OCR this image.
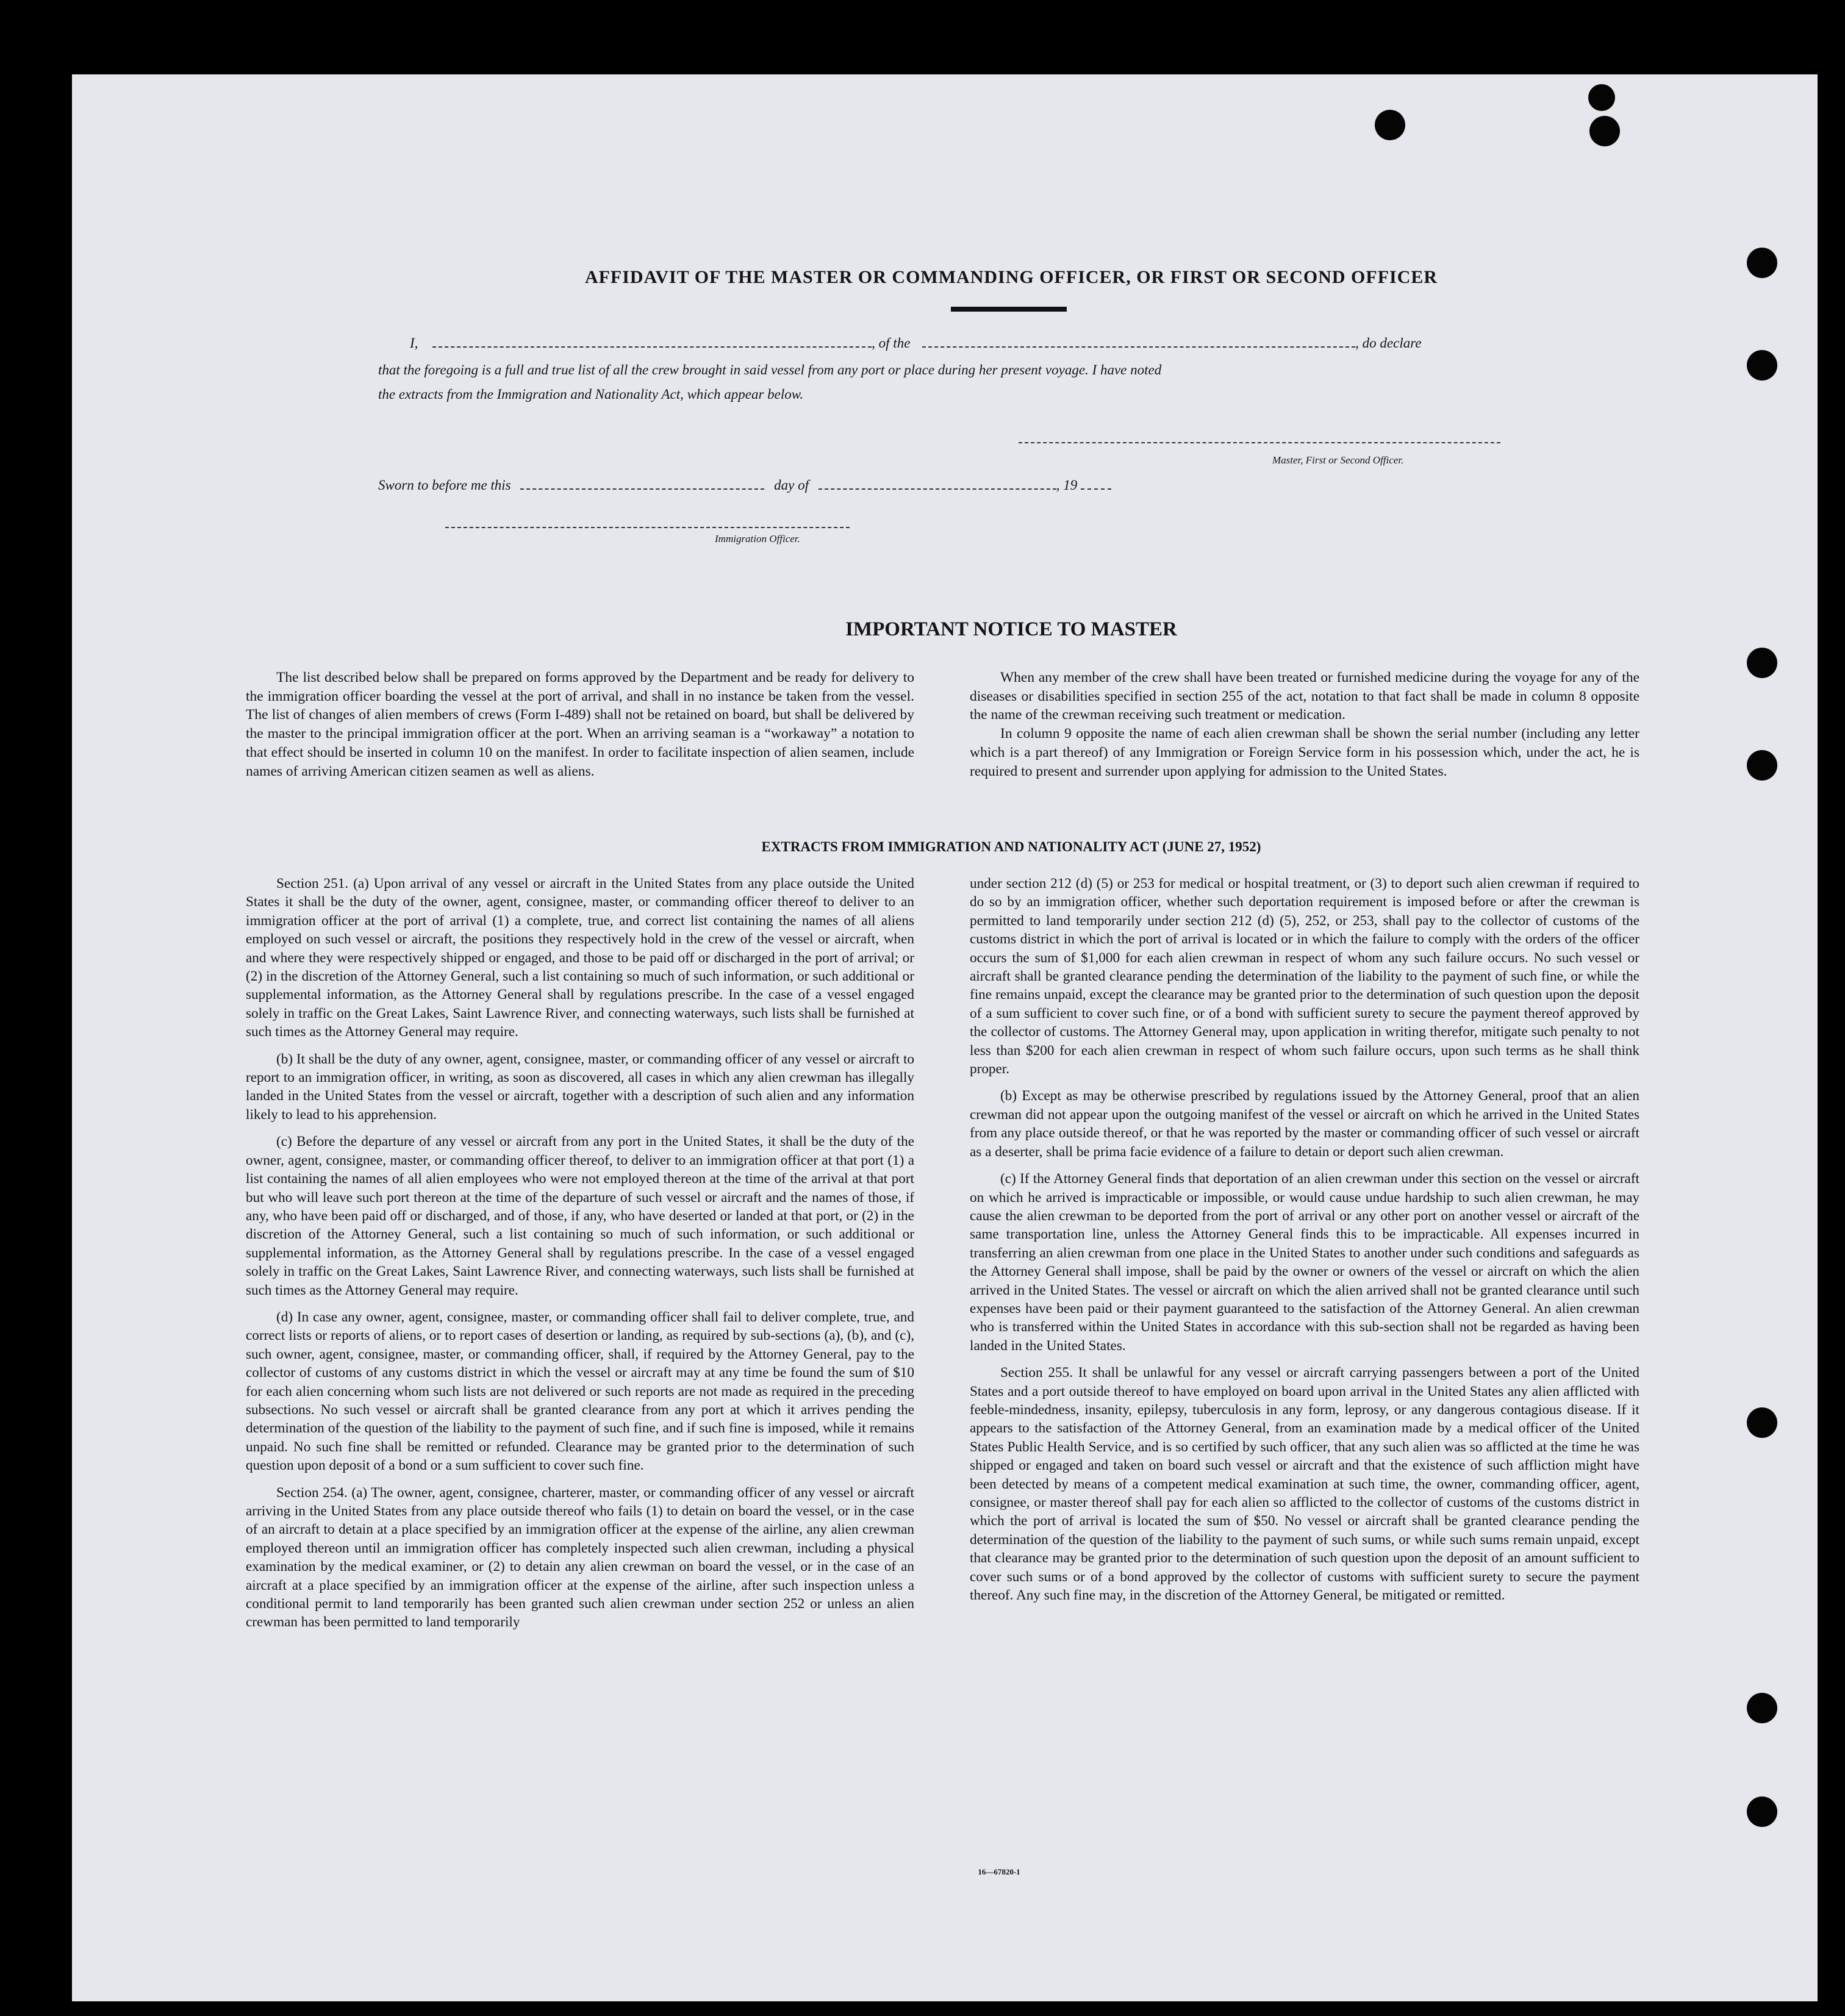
AFFIDAVIT OF THE MASTER OR COMMANDING OFFICER, OR FIRST OR SECOND OFFICER
I,	, of the	, do declare
that the foregoing is a full and true list of all the crew brought in said vessel from any port or place during her present voyage. I have noted
the extracts from the Immigration and Nationality Act, which appear below.
Master, First or Second Officer.
Sworn to before me this	day of	, 19
Immigration Officer.
IMPORTANT NOTICE TO MASTER
The list described below shall be prepared on forms approved by the Department and be ready for delivery to the immigration officer boarding the vessel at the port of arrival, and shall in no instance be taken from the vessel. The list of changes of alien members of crews (Form I-489) shall not be retained on board, but shall be delivered by the master to the principal immigration officer at the port. When an arriving seaman is a “workaway” a notation to that effect should be inserted in column 10 on the manifest. In order to facilitate inspection of alien seamen, include names of arriving American citizen seamen as well as aliens.
When any member of the crew shall have been treated or furnished medicine during the voyage for any of the diseases or disabilities specified in section 255 of the act, notation to that fact shall be made in column 8 opposite the name of the crewman receiving such treatment or medication.
In column 9 opposite the name of each alien crewman shall be shown the serial number (including any letter which is a part thereof) of any Immigration or Foreign Service form in his possession which, under the act, he is required to present and surrender upon applying for admission to the United States.
EXTRACTS FROM IMMIGRATION AND NATIONALITY ACT (JUNE 27, 1952)

Section 251. (a) Upon arrival of any vessel or aircraft in the United States from any place outside the United States it shall be the duty of the owner, agent, consignee, master, or commanding officer thereof to deliver to an immigration officer at the port of arrival (1) a complete, true, and correct list containing the names of all aliens employed on such vessel or aircraft, the positions they respectively hold in the crew of the vessel or aircraft, when and where they were respectively shipped or engaged, and those to be paid off or discharged in the port of arrival; or (2) in the discretion of the Attorney General, such a list containing so much of such information, or such additional or supplemental information, as the Attorney General shall by regulations prescribe. In the case of a vessel engaged solely in traffic on the Great Lakes, Saint Lawrence River, and connecting waterways, such lists shall be furnished at such times as the Attorney General may require.

(b) It shall be the duty of any owner, agent, consignee, master, or commanding officer of any vessel or aircraft to report to an immigration officer, in writing, as soon as discovered, all cases in which any alien crewman has illegally landed in the United States from the vessel or aircraft, together with a description of such alien and any information likely to lead to his apprehension.

(c) Before the departure of any vessel or aircraft from any port in the United States, it shall be the duty of the owner, agent, consignee, master, or commanding officer thereof, to deliver to an immigration officer at that port (1) a list containing the names of all alien employees who were not employed thereon at the time of the arrival at that port but who will leave such port thereon at the time of the departure of such vessel or aircraft and the names of those, if any, who have been paid off or discharged, and of those, if any, who have deserted or landed at that port, or (2) in the discretion of the Attorney General, such a list containing so much of such information, or such additional or supplemental information, as the Attorney General shall by regulations prescribe. In the case of a vessel engaged solely in traffic on the Great Lakes, Saint Lawrence River, and connecting waterways, such lists shall be furnished at such times as the Attorney General may require.

(d) In case any owner, agent, consignee, master, or commanding officer shall fail to deliver complete, true, and correct lists or reports of aliens, or to report cases of desertion or landing, as required by sub-sections (a), (b), and (c), such owner, agent, consignee, master, or commanding officer, shall, if required by the Attorney General, pay to the collector of customs of any customs district in which the vessel or aircraft may at any time be found the sum of $10 for each alien concerning whom such lists are not delivered or such reports are not made as required in the preceding subsections. No such vessel or aircraft shall be granted clearance from any port at which it arrives pending the determination of the question of the liability to the payment of such fine, and if such fine is imposed, while it remains unpaid. No such fine shall be remitted or refunded. Clearance may be granted prior to the determination of such question upon deposit of a bond or a sum sufficient to cover such fine.

Section 254. (a) The owner, agent, consignee, charterer, master, or commanding officer of any vessel or aircraft arriving in the United States from any place outside thereof who fails (1) to detain on board the vessel, or in the case of an aircraft to detain at a place specified by an immigration officer at the expense of the airline, any alien crewman employed thereon until an immigration officer has completely inspected such alien crewman, including a physical examination by the medical examiner, or (2) to detain any alien crewman on board the vessel, or in the case of an aircraft at a place specified by an immigration officer at the expense of the airline, after such inspection unless a conditional permit to land temporarily has been granted such alien crewman under section 252 or unless an alien crewman has been permitted to land temporarily

under section 212 (d) (5) or 253 for medical or hospital treatment, or (3) to deport such alien crewman if required to do so by an immigration officer, whether such deportation requirement is imposed before or after the crewman is permitted to land temporarily under section 212 (d) (5), 252, or 253, shall pay to the collector of customs of the customs district in which the port of arrival is located or in which the failure to comply with the orders of the officer occurs the sum of $1,000 for each alien crewman in respect of whom any such failure occurs. No such vessel or aircraft shall be granted clearance pending the determination of the liability to the payment of such fine, or while the fine remains unpaid, except the clearance may be granted prior to the determination of such question upon the deposit of a sum sufficient to cover such fine, or of a bond with sufficient surety to secure the payment thereof approved by the collector of customs. The Attorney General may, upon application in writing therefor, mitigate such penalty to not less than $200 for each alien crewman in respect of whom such failure occurs, upon such terms as he shall think proper.

(b) Except as may be otherwise prescribed by regulations issued by the Attorney General, proof that an alien crewman did not appear upon the outgoing manifest of the vessel or aircraft on which he arrived in the United States from any place outside thereof, or that he was reported by the master or commanding officer of such vessel or aircraft as a deserter, shall be prima facie evidence of a failure to detain or deport such alien crewman.

(c) If the Attorney General finds that deportation of an alien crewman under this section on the vessel or aircraft on which he arrived is impracticable or impossible, or would cause undue hardship to such alien crewman, he may cause the alien crewman to be deported from the port of arrival or any other port on another vessel or aircraft of the same transportation line, unless the Attorney General finds this to be impracticable. All expenses incurred in transferring an alien crewman from one place in the United States to another under such conditions and safeguards as the Attorney General shall impose, shall be paid by the owner or owners of the vessel or aircraft on which the alien arrived in the United States. The vessel or aircraft on which the alien arrived shall not be granted clearance until such expenses have been paid or their payment guaranteed to the satisfaction of the Attorney General. An alien crewman who is transferred within the United States in accordance with this sub-section shall not be regarded as having been landed in the United States.

Section 255. It shall be unlawful for any vessel or aircraft carrying passengers between a port of the United States and a port outside thereof to have employed on board upon arrival in the United States any alien afflicted with feeble-mindedness, insanity, epilepsy, tuberculosis in any form, leprosy, or any dangerous contagious disease. If it appears to the satisfaction of the Attorney General, from an examination made by a medical officer of the United States Public Health Service, and is so certified by such officer, that any such alien was so afflicted at the time he was shipped or engaged and taken on board such vessel or aircraft and that the existence of such affliction might have been detected by means of a competent medical examination at such time, the owner, commanding officer, agent, consignee, or master thereof shall pay for each alien so afflicted to the collector of customs of the customs district in which the port of arrival is located the sum of $50. No vessel or aircraft shall be granted clearance pending the determination of the question of the liability to the payment of such sums, or while such sums remain unpaid, except that clearance may be granted prior to the determination of such question upon the deposit of an amount sufficient to cover such sums or of a bond approved by the collector of customs with sufficient surety to secure the payment thereof. Any such fine may, in the discretion of the Attorney General, be mitigated or remitted.

16—67820-1
